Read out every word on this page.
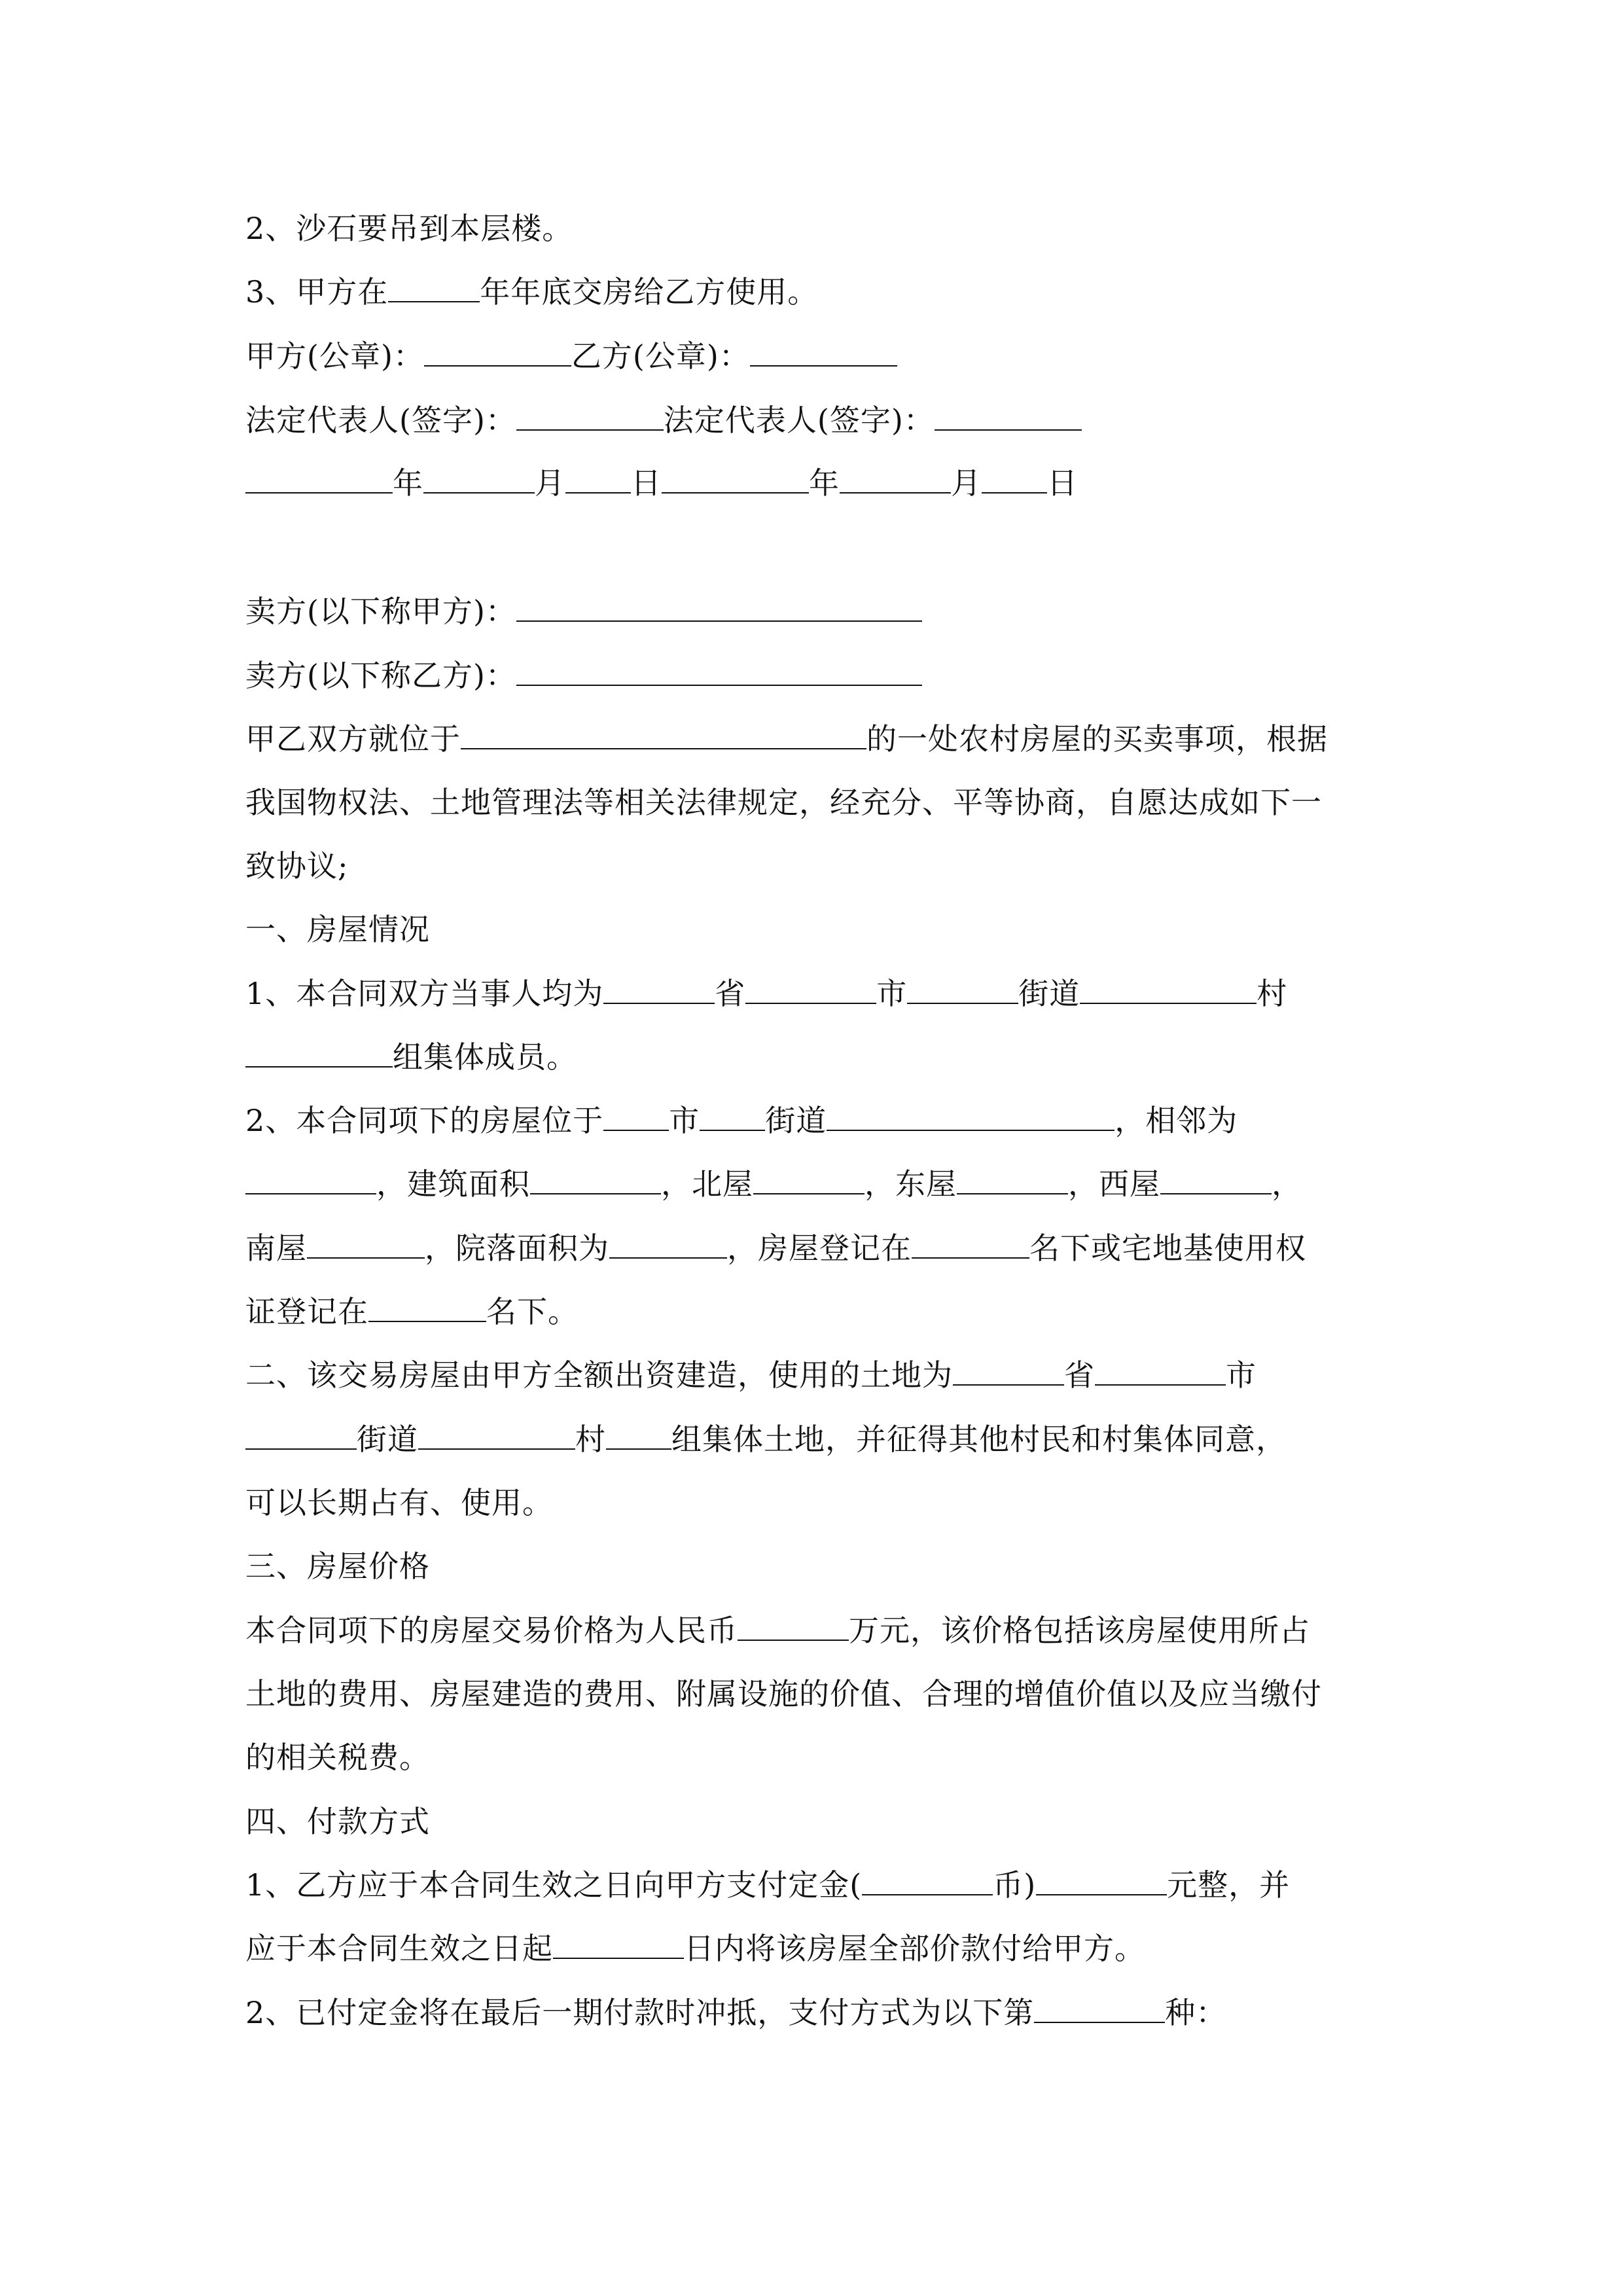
2、沙石要吊到本层楼。
3、甲方在	年年底交房给乙方使用。
甲方(公章)：	乙方(公章)：
法定代表人(签字)：	法定代表人(签字)：
年	月 日	年	月 日
卖方(以下称甲方)：
卖方(以下称乙方)：
甲乙双方就位于	的一处农村房屋的买卖事项，根据
我国物权法、土地管理法等相关法律规定，经充分、平等协商，自愿达成如下一
致协议;
一、房屋情况
1、本合同双方当事人均为	省	市	街道	村
组集体成员。
2、本合同项下的房屋位于 市 街道	，相邻为
，建筑面积	，北屋	，东屋	，西屋	，
南屋	，院落面积为	，房屋登记在	名下或宅地基使用权
证登记在	名下。
二、该交易房屋由甲方全额出资建造，使用的土地为	省	市
街道	村 组集体土地，并征得其他村民和村集体同意，
可以长期占有、使用。
三、房屋价格
本合同项下的房屋交易价格为人民币	万元，该价格包括该房屋使用所占
土地的费用、房屋建造的费用、附属设施的价值、合理的增值价值以及应当缴付
的相关税费。
四、付款方式
1、乙方应于本合同生效之日向甲方支付定金(	币)	元整，并
应于本合同生效之日起	日内将该房屋全部价款付给甲方。
2、已付定金将在最后一期付款时冲抵，支付方式为以下第	种：
